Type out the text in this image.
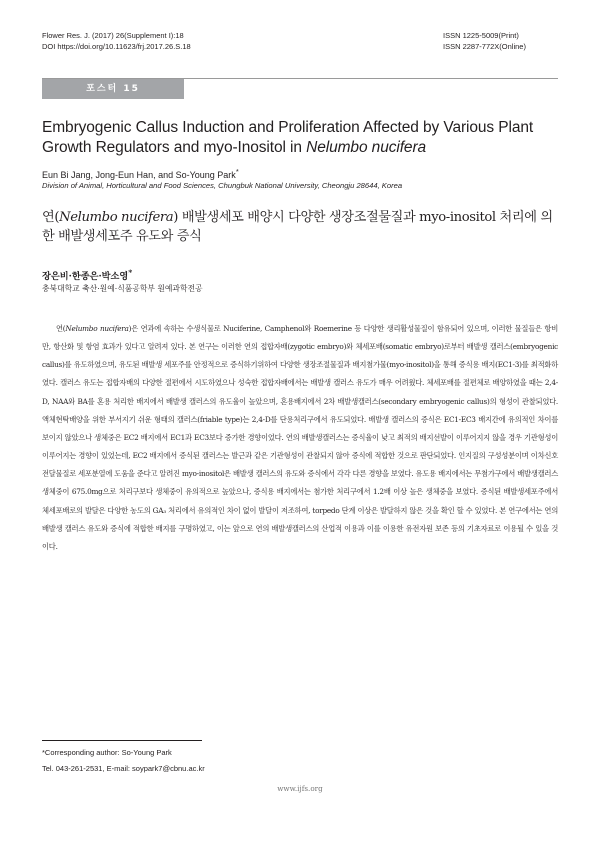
Flower Res. J. (2017) 26(Supplement I):18
DOI https://doi.org/10.11623/frj.2017.26.S.18
ISSN 1225-5009(Print)
ISSN 2287-772X(Online)
포스터 15
Embryogenic Callus Induction and Proliferation Affected by Various Plant Growth Regulators and myo-Inositol in Nelumbo nucifera
Eun Bi Jang, Jong-Eun Han, and So-Young Park*
Division of Animal, Horticultural and Food Sciences, Chungbuk National University, Cheongju 28644, Korea
연(Nelumbo nucifera) 배발생세포 배양시 다양한 생장조절물질과 myo-inositol 처리에 의한 배발생세포주 유도와 증식
장은비·한종은·박소영*
충북대학교 축산·원예·식품공학부 원예과학전공
연(Nelumbo nucifera)은 연과에 속하는 수생식물로 Nuciferine, Camphenol와 Roemerine 등 다양한 생리활성물질이 함유되어 있으며, 이러한 물질들은 항비만, 항산화 및 항염 효과가 있다고 알려져 있다. 본 연구는 이러한 연의 접합자배(zygotic embryo)와 체세포배(somatic embryo)로부터 배발생 캘러스(embryogenic callus)를 유도하였으며, 유도된 배발생 세포주를 안정적으로 증식하기위하여 다양한 생장조절물질과 배지첨가물(myo-inositol)을 통해 증식용 배지(EC1-3)를 최적화하였다. 캘러스 유도는 접합자배의 다양한 절편에서 시도하였으나 성숙한 접합자배에서는 배발생 캘러스 유도가 매우 어려웠다. 체세포배를 절편체로 배양하였을 때는 2,4-D, NAA와 BA를 혼용 처리한 배지에서 배발생 캘러스의 유도율이 높았으며, 혼용배지에서 2차 배발생캘러스(secondary embryogenic callus)의 형성이 관찰되었다. 액체현탁배양을 위한 부서지기 쉬운 형태의 캘러스(friable type)는 2,4-D를 단용처리구에서 유도되었다. 배발생 캘러스의 증식은 EC1-EC3 배지간에 유의적인 차이를 보이지 않았으나 생체중은 EC2 배지에서 EC1과 EC3보다 증가한 경향이었다. 연의 배발생캘러스는 증식율이 낮고 최적의 배지선발이 이루어지지 않을 경우 기관형성이 이루어지는 경향이 있었는데, EC2 배지에서 증식된 캘러스는 발근과 같은 기관형성이 관찰되지 않아 증식에 적합한 것으로 판단되었다. 인지질의 구성성분이며 이차신호전달물질로 세포분열에 도움을 준다고 알려진 myo-inositol은 배발생 캘러스의 유도와 증식에서 각각 다른 경향을 보였다. 유도용 배지에서는 무첨가구에서 배발생캘러스 생체중이 675.0mg으로 처리구보다 생체중이 유의적으로 높았으나, 증식용 배지에서는 첨가한 처리구에서 1.2배 이상 높은 생체중을 보였다. 증식된 배발생세포주에서 체세포배로의 발달은 다양한 농도의 GA₃ 처리에서 유의적인 차이 없이 발달이 저조하여, torpedo 단계 이상은 발달하지 않은 것을 확인 할 수 있었다. 본 연구에서는 연의 배발생 캘러스 유도와 증식에 적합한 배지를 구명하였고, 이는 앞으로 연의 배발생캘러스의 산업적 이용과 이를 이용한 유전자원 보존 등의 기초자료로 이용될 수 있을 것이다.
*Corresponding author: So-Young Park
Tel. 043-261-2531, E-mail: soypark7@cbnu.ac.kr
www.ijfs.org
